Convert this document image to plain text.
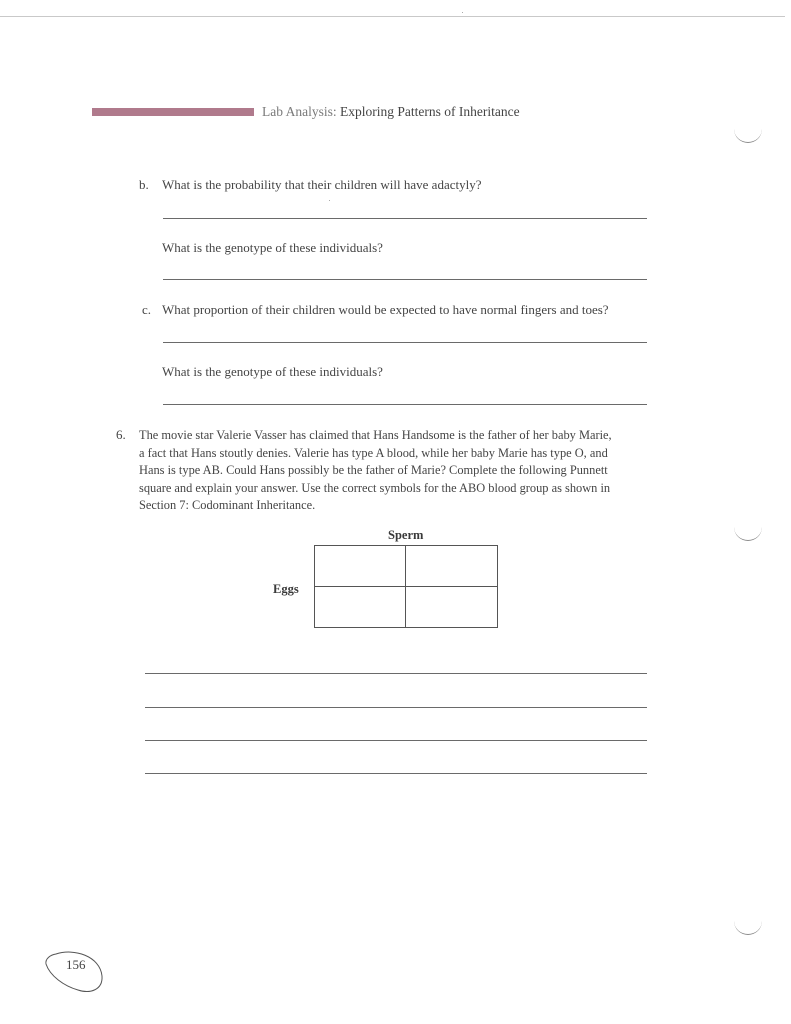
Lab Analysis: Exploring Patterns of Inheritance
b. What is the probability that their children will have adactyly?
What is the genotype of these individuals?
c. What proportion of their children would be expected to have normal fingers and toes?
What is the genotype of these individuals?
6. The movie star Valerie Vasser has claimed that Hans Handsome is the father of her baby Marie,
a fact that Hans stoutly denies. Valerie has type A blood, while her baby Marie has type O, and
Hans is type AB. Could Hans possibly be the father of Marie? Complete the following Punnett
square and explain your answer. Use the correct symbols for the ABO blood group as shown in
Section 7: Codominant Inheritance.
Sperm
Eggs
156
